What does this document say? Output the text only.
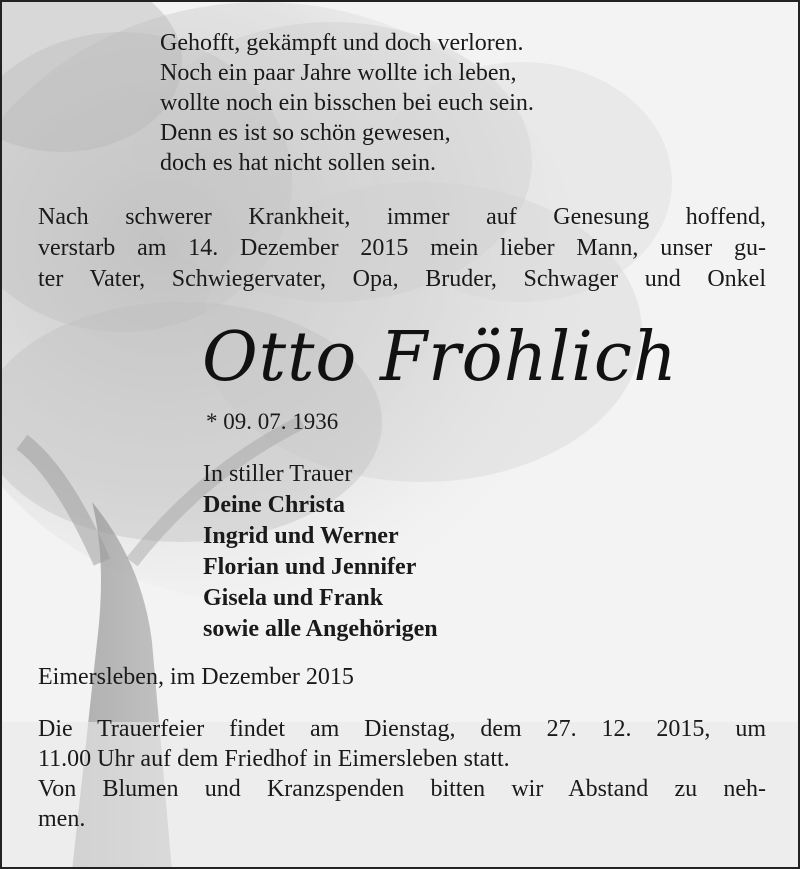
Gehofft, gekämpft und doch verloren.
Noch ein paar Jahre wollte ich leben,
wollte noch ein bisschen bei euch sein.
Denn es ist so schön gewesen,
doch es hat nicht sollen sein.
Nach schwerer Krankheit, immer auf Genesung hoffend,
verstarb am 14. Dezember 2015 mein lieber Mann, unser gu-
ter Vater, Schwiegervater, Opa, Bruder, Schwager und Onkel
Otto Fröhlich
* 09. 07. 1936
In stiller Trauer
Deine Christa
Ingrid und Werner
Florian und Jennifer
Gisela und Frank
sowie alle Angehörigen
Eimersleben, im Dezember 2015
Die Trauerfeier findet am Dienstag, dem 27. 12. 2015, um
11.00 Uhr auf dem Friedhof in Eimersleben statt.
Von Blumen und Kranzspenden bitten wir Abstand zu neh-
men.
